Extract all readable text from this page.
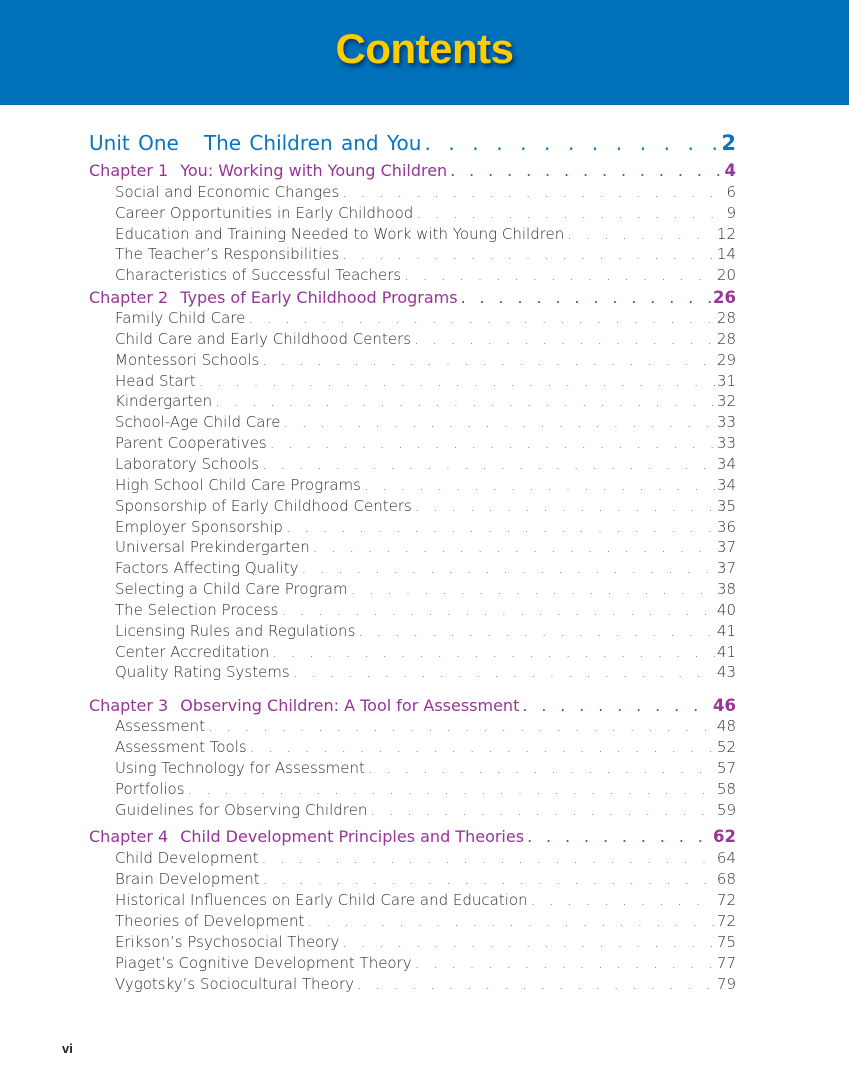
Contents
Unit One The Children and You . . .	2
Chapter 1 You: Working with Young Children . . .	4
Social and Economic Changes . . .	6
Career Opportunities in Early Childhood . . .	9
Education and Training Needed to Work with Young Children . . .	12
The Teacher’s Responsibilities . . .	14
Characteristics of Successful Teachers . . .	20
Chapter 2 Types of Early Childhood Programs . . .	26
Family Child Care . . .	28
Child Care and Early Childhood Centers . . .	28
Montessori Schools . . .	29
Head Start . . .	31
Kindergarten . . .	32
School-Age Child Care . . .	33
Parent Cooperatives . . .	33
Laboratory Schools . . .	34
High School Child Care Programs . . .	34
Sponsorship of Early Childhood Centers . . .	35
Employer Sponsorship . . .	36
Universal Prekindergarten . . .	37
Factors Affecting Quality . . .	37
Selecting a Child Care Program . . .	38
The Selection Process . . .	40
Licensing Rules and Regulations . . .	41
Center Accreditation . . .	41
Quality Rating Systems . . .	43
Chapter 3 Observing Children: A Tool for Assessment . . .	46
Assessment . . .	48
Assessment Tools . . .	52
Using Technology for Assessment . . .	57
Portfolios . . .	58
Guidelines for Observing Children . . .	59
Chapter 4 Child Development Principles and Theories . . .	62
Child Development . . .	64
Brain Development . . .	68
Historical Influences on Early Child Care and Education . . .	72
Theories of Development . . .	72
Erikson’s Psychosocial Theory . . .	75
Piaget’s Cognitive Development Theory . . .	77
Vygotsky’s Sociocultural Theory . . .	79
vi
